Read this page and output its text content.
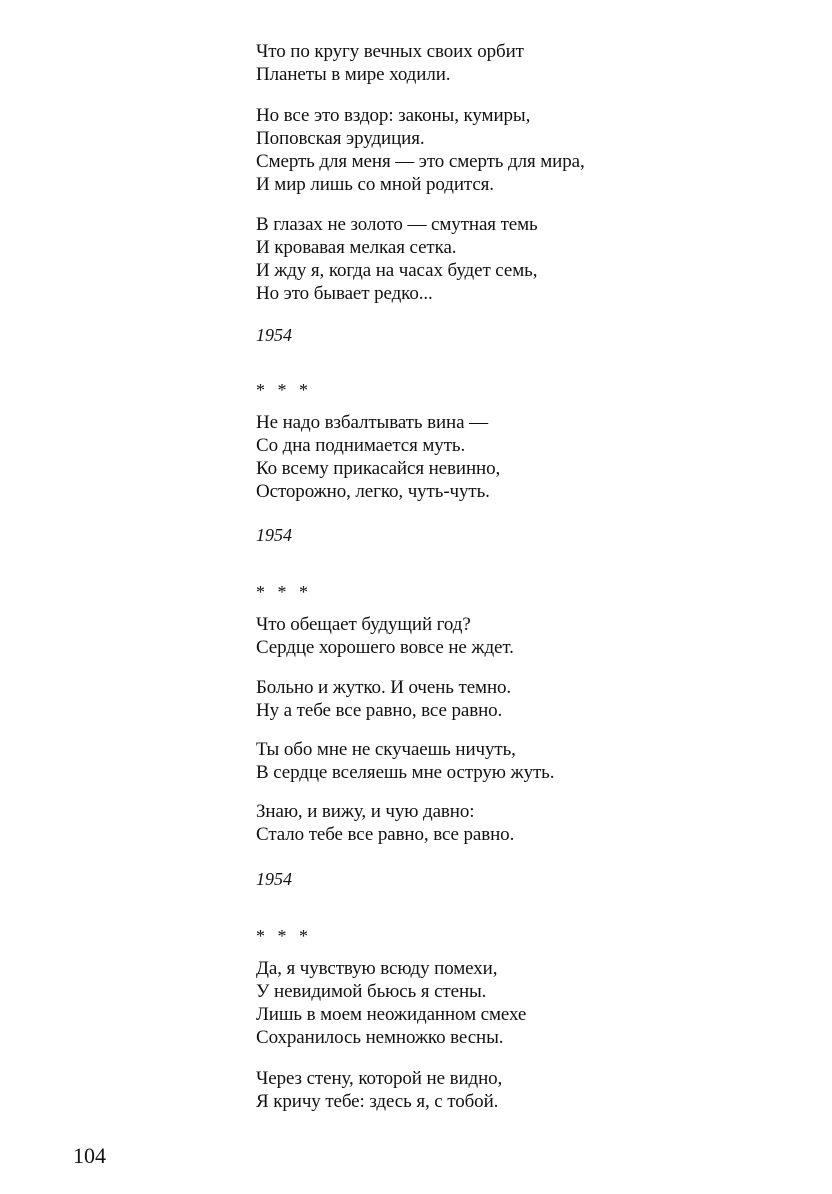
Что по кругу вечных своих орбит
Планеты в мире ходили.
Но все это вздор: законы, кумиры,
Поповская эрудиция.
Смерть для меня — это смерть для мира,
И мир лишь со мной родится.
В глазах не золото — смутная темь
И кровавая мелкая сетка.
И жду я, когда на часах будет семь,
Но это бывает редко...
1954
* * *
Не надо взбалтывать вина —
Со дна поднимается муть.
Ко всему прикасайся невинно,
Осторожно, легко, чуть-чуть.
1954
* * *
Что обещает будущий год?
Сердце хорошего вовсе не ждет.
Больно и жутко. И очень темно.
Ну а тебе все равно, все равно.
Ты обо мне не скучаешь ничуть,
В сердце вселяешь мне острую жуть.
Знаю, и вижу, и чую давно:
Стало тебе все равно, все равно.
1954
* * *
Да, я чувствую всюду помехи,
У невидимой бьюсь я стены.
Лишь в моем неожиданном смехе
Сохранилось немножко весны.
Через стену, которой не видно,
Я кричу тебе: здесь я, с тобой.
104
